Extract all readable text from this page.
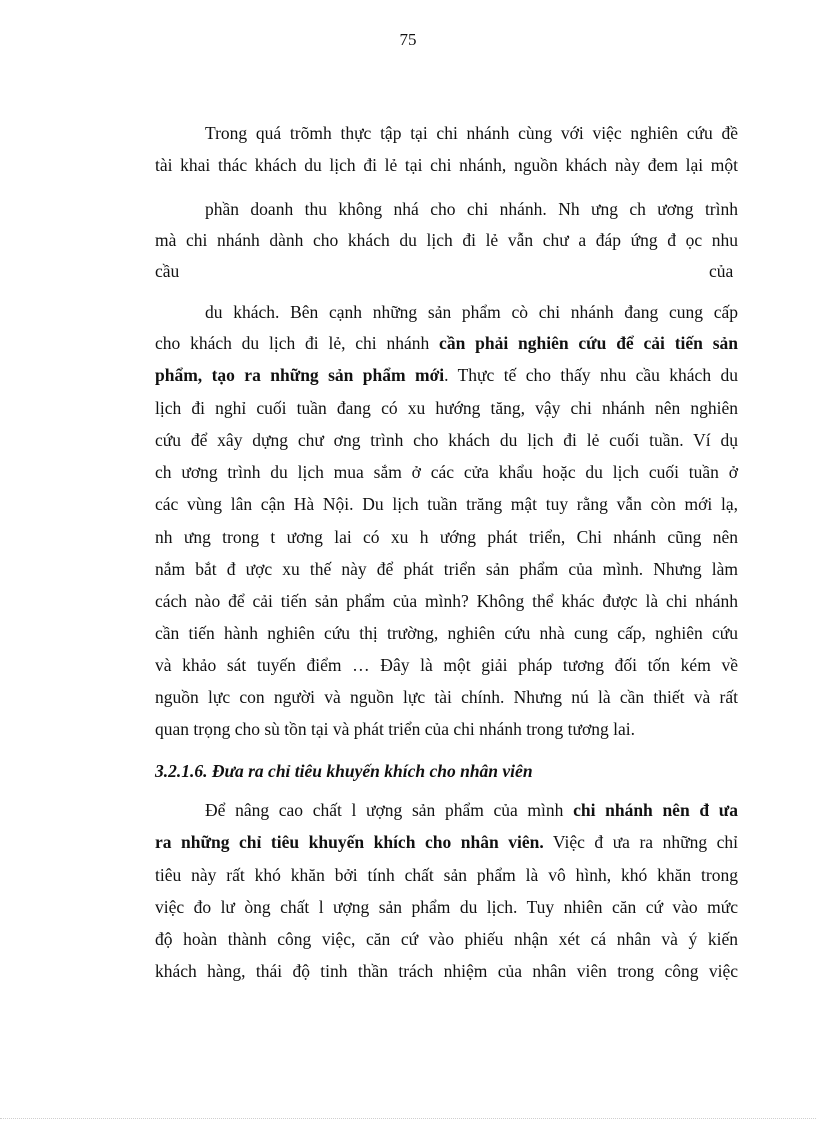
75
Trong quá trõmh thực tập tại chi nhánh cùng với việc nghiên cứu đề
tài khai thác khách du lịch đi lẻ tại chi nhánh, nguồn khách này đem lại một
phần doanh thu không nhá cho chi nhánh. Nh ưng ch ương trình
mà chi nhánh dành cho khách du lịch đi lẻ vẫn chư a đáp ứng đ ọc nhu
cầu	của
du khách. Bên cạnh những sản phẩm cò chi nhánh đang cung cấp
cho khách du lịch đi lẻ, chi nhánh cần phải nghiên cứu để cải tiến sản
phẩm, tạo ra những sản phẩm mới. Thực tế cho thấy nhu cầu khách du
lịch đi nghỉ cuối tuần đang có xu hướng tăng, vậy chi nhánh nên nghiên
cứu để xây dựng chư ơng trình cho khách du lịch đi lẻ cuối tuần. Ví dụ
ch ương trình du lịch mua sắm ở các cửa khẩu hoặc du lịch cuối tuần ở
các vùng lân cận Hà Nội. Du lịch tuần trăng mật tuy rằng vẫn còn mới lạ,
nh ưng trong t ương lai có xu h ướng phát triển, Chi nhánh cũng nên
nắm bắt đ ược xu thế này để phát triển sản phẩm của mình. Nhưng làm
cách nào để cải tiến sản phẩm của mình? Không thể khác được là chi nhánh
cần tiến hành nghiên cứu thị trường, nghiên cứu nhà cung cấp, nghiên cứu
và khảo sát tuyến điểm … Đây là một giải pháp tương đối tốn kém về
nguồn lực con người và nguồn lực tài chính. Nhưng nú là cần thiết và rất
quan trọng cho sù tồn tại và phát triển của chi nhánh trong tương lai.
3.2.1.6. Đưa ra chỉ tiêu khuyến khích cho nhân viên
Để nâng cao chất l ượng sản phẩm của mình chi nhánh nên đ ưa
ra những chỉ tiêu khuyến khích cho nhân viên. Việc đ ưa ra những chỉ
tiêu này rất khó khăn bởi tính chất sản phẩm là vô hình, khó khăn trong
việc đo lư òng chất l ượng sản phẩm du lịch. Tuy nhiên căn cứ vào mức
độ hoàn thành công việc, căn cứ vào phiếu nhận xét cá nhân và ý kiến
khách hàng, thái độ tinh thần trách nhiệm của nhân viên trong công việc
